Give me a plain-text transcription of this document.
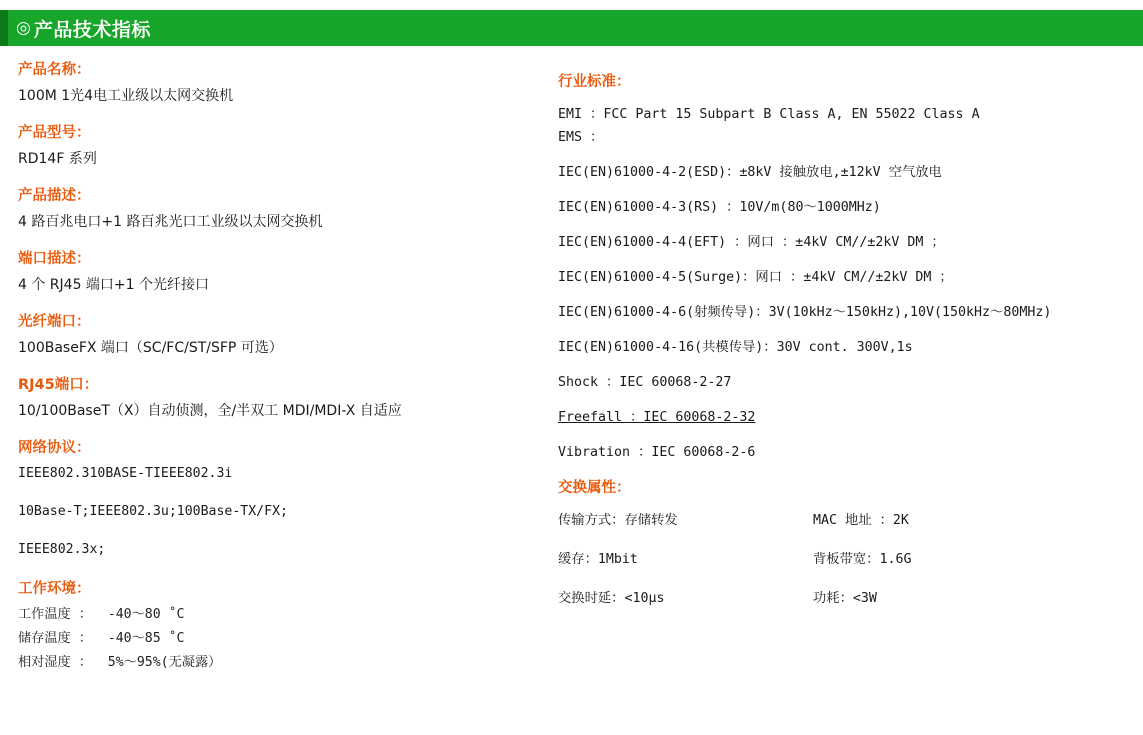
◎ 产品技术指标
产品名称：
100M 1光4电工业级以太网交换机
产品型号：
RD14F 系列
产品描述：
4 路百兆电口+1 路百兆光口工业级以太网交换机
端口描述：
4 个 RJ45 端口+1 个光纤接口
光纤端口：
100BaseFX 端口（SC/FC/ST/SFP 可选）
RJ45端口：
10/100BaseT（X）自动侦测，全/半双工 MDI/MDI-X 自适应
网络协议：
IEEE802.310BASE-TIEEE802.3i
10Base-T;IEEE802.3u;100Base-TX/FX;
IEEE802.3x;
工作环境：
工作温度 ：  -40～80 ˚C
储存温度 ：  -40～85 ˚C
相对湿度 ：  5%～95%(无凝露）
行业标准：
EMI ：FCC Part 15 Subpart B Class A, EN 55022 Class A
EMS ：
IEC(EN)61000-4-2(ESD)：±8kV 接触放电,±12kV 空气放电
IEC(EN)61000-4-3(RS) ：10V/m(80～1000MHz)
IEC(EN)61000-4-4(EFT) ：网口 ：±4kV CM//±2kV DM ；
IEC(EN)61000-4-5(Surge)：网口 ：±4kV CM//±2kV DM ；
IEC(EN)61000-4-6(射频传导)：3V(10kHz～150kHz),10V(150kHz～80MHz)
IEC(EN)61000-4-16(共模传导)：30V cont. 300V,1s
Shock ：IEC 60068-2-27
Freefall ：IEC 60068-2-32
Vibration ：IEC 60068-2-6
交换属性：
传输方式：存储转发	MAC 地址 ：2K
缓存：1Mbit	背板带宽：1.6G
交换时延：<10μs	功耗：<3W
